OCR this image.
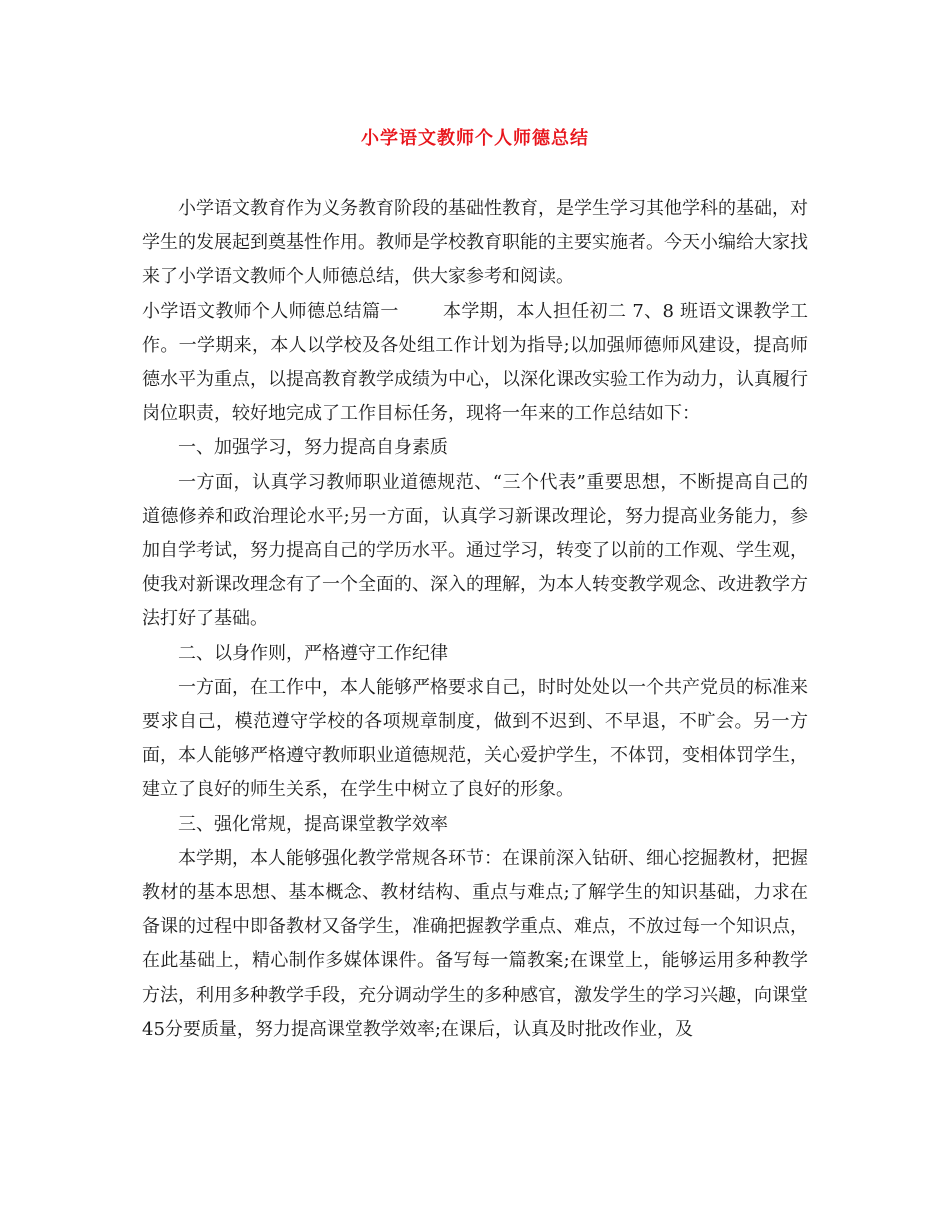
小学语文教师个人师德总结

小学语文教育作为义务教育阶段的基础性教育，是学生学习其他学科的基础，对学生的发展起到奠基性作用。教师是学校教育职能的主要实施者。今天小编给大家找来了小学语文教师个人师德总结，供大家参考和阅读。

小学语文教师个人师德总结篇一 本学期，本人担任初二 7、8 班语文课教学工作。一学期来，本人以学校及各处组工作计划为指导;以加强师德师风建设，提高师德水平为重点，以提高教育教学成绩为中心，以深化课改实验工作为动力，认真履行岗位职责，较好地完成了工作目标任务，现将一年来的工作总结如下：

一、加强学习，努力提高自身素质

一方面，认真学习教师职业道德规范、“三个代表”重要思想，不断提高自己的道德修养和政治理论水平;另一方面，认真学习新课改理论，努力提高业务能力，参加自学考试，努力提高自己的学历水平。通过学习，转变了以前的工作观、学生观，使我对新课改理念有了一个全面的、深入的理解，为本人转变教学观念、改进教学方法打好了基础。

二、以身作则，严格遵守工作纪律

一方面，在工作中，本人能够严格要求自己，时时处处以一个共产党员的标准来要求自己，模范遵守学校的各项规章制度，做到不迟到、不早退，不旷会。另一方面，本人能够严格遵守教师职业道德规范，关心爱护学生，不体罚，变相体罚学生，建立了良好的师生关系，在学生中树立了良好的形象。

三、强化常规，提高课堂教学效率

本学期，本人能够强化教学常规各环节：在课前深入钻研、细心挖掘教材，把握教材的基本思想、基本概念、教材结构、重点与难点;了解学生的知识基础，力求在备课的过程中即备教材又备学生，准确把握教学重点、难点，不放过每一个知识点，在此基础上，精心制作多媒体课件。备写每一篇教案;在课堂上，能够运用多种教学方法，利用多种教学手段，充分调动学生的多种感官，激发学生的学习兴趣，向课堂45分要质量，努力提高课堂教学效率;在课后，认真及时批改作业，及
